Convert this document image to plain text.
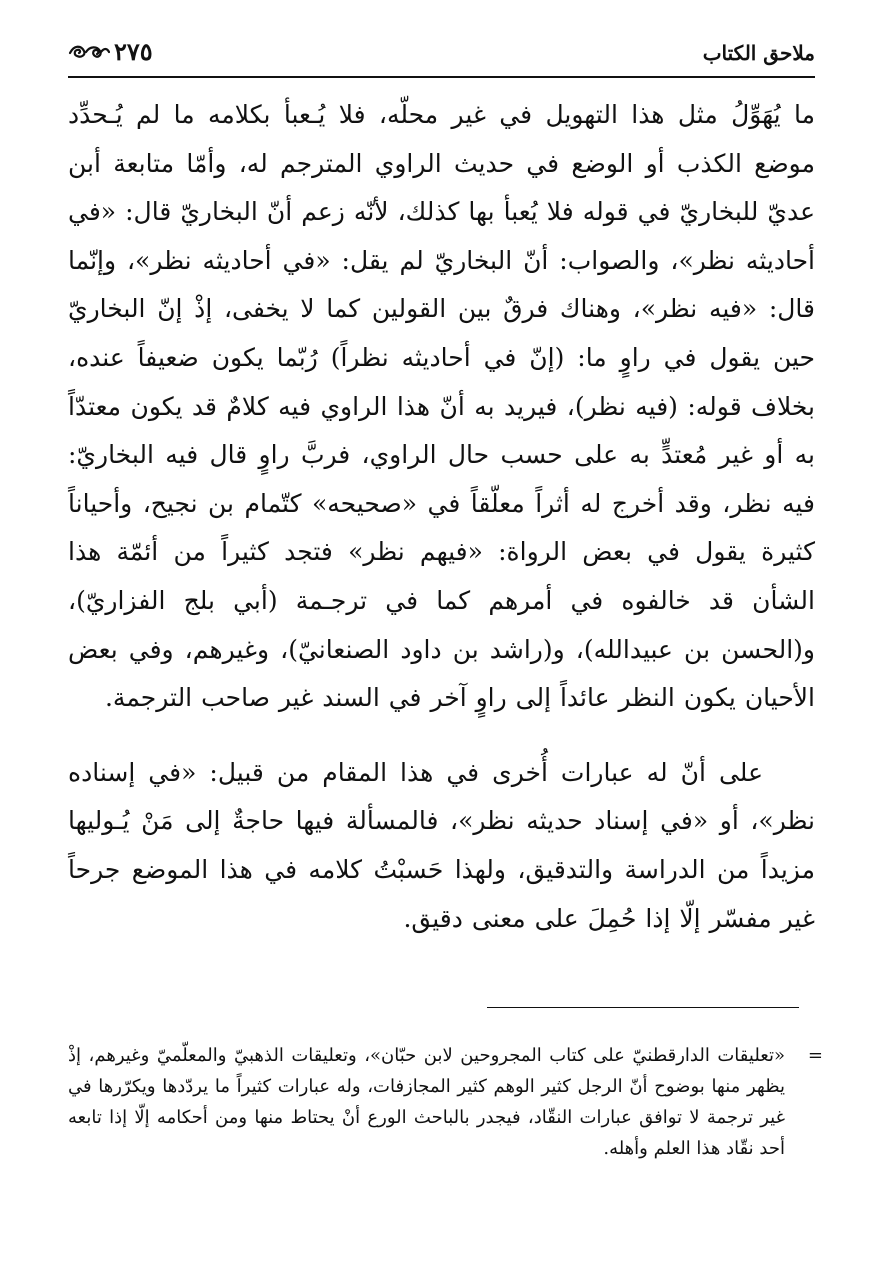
ملاحق الكتاب
٢٧٥

ما يُهَوِّلُ مثل هذا التهويل في غير محلّه، فلا يُـعبأ بكلامه ما لم يُـحدِّد موضع الكذب أو الوضع في حديث الراوي المترجم له، وأمّا متابعة أبن عديّ للبخاريّ في قوله فلا يُعبأ بها كذلك، لأنّه زعم أنّ البخاريّ قال: «في أحاديثه نظر»، والصواب: أنّ البخاريّ لم يقل: «في أحاديثه نظر»، وإنّما قال: «فيه نظر»، وهناك فرقٌ بين القولين كما لا يخفى، إذْ إنّ البخاريّ حين يقول في راوٍ ما: (إنّ في أحاديثه نظراً) رُبّما يكون ضعيفاً عنده، بخلاف قوله: (فيه نظر)، فيريد به أنّ هذا الراوي فيه كلامٌ قد يكون معتدّاً به أو غير مُعتدٍّ به على حسب حال الراوي، فربَّ راوٍ قال فيه البخاريّ: فيه نظر، وقد أخرج له أثراً معلّقاً في «صحيحه» كتّمام بن نجيح، وأحياناً كثيرة يقول في بعض الرواة: «فيهم نظر» فتجد كثيراً من أئمّة هذا الشأن قد خالفوه في أمرهم كما في ترجـمة (أبي بلج الفزاريّ)، و(الحسن بن عبيدالله)، و(راشد بن داود الصنعانيّ)، وغيرهم، وفي بعض الأحيان يكون النظر عائداً إلى راوٍ آخر في السند غير صاحب الترجمة.

على أنّ له عبارات أُخرى في هذا المقام من قبيل: «في إسناده نظر»، أو «في إسناد حديثه نظر»، فالمسألة فيها حاجةٌ إلى مَنْ يُـوليها مزيداً من الدراسة والتدقيق، ولهذا حَسبْتُ كلامه في هذا الموضع جرحاً غير مفسّر إلّا إذا حُمِلَ على معنى دقيق.

=
«تعليقات الدارقطنيّ على كتاب المجروحين لابن حبّان»، وتعليقات الذهبيّ والمعلّميّ وغيرهم، إذْ يظهر منها بوضوح أنّ الرجل كثير الوهم كثير المجازفات، وله عبارات كثيراً ما يردّدها ويكرّرها في غير ترجمة لا توافق عبارات النقّاد، فيجدر بالباحث الورع أنْ يحتاط منها ومن أحكامه إلّا إذا تابعه أحد نقّاد هذا العلم وأهله.
